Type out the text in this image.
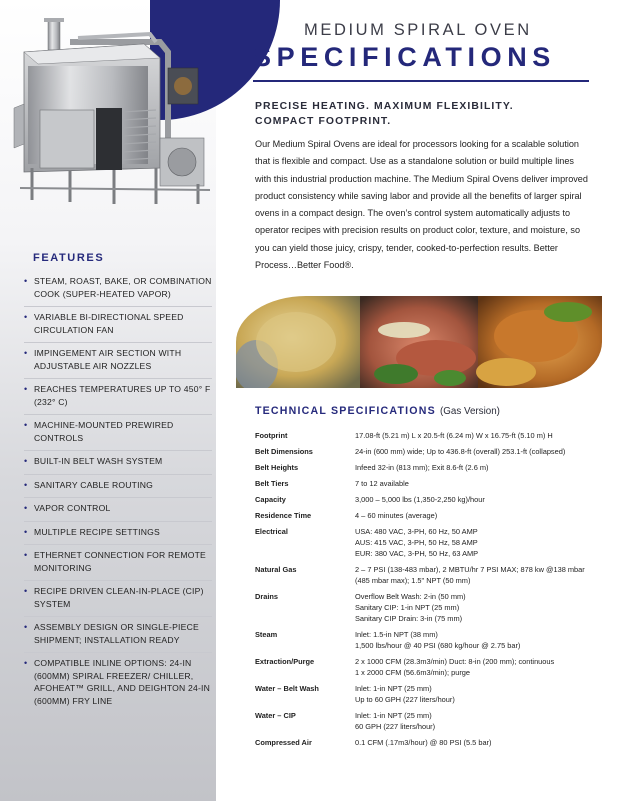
FEATURES
• STEAM, ROAST, BAKE, OR COMBINATION COOK (SUPER-HEATED VAPOR)
• VARIABLE BI-DIRECTIONAL SPEED CIRCULATION FAN
• IMPINGEMENT AIR SECTION WITH ADJUSTABLE AIR NOZZLES
• REACHES TEMPERATURES UP TO 450° F (232° C)
• MACHINE-MOUNTED PREWIRED CONTROLS
• BUILT-IN BELT WASH SYSTEM
• SANITARY CABLE ROUTING
• VAPOR CONTROL
• MULTIPLE RECIPE SETTINGS
• ETHERNET CONNECTION FOR REMOTE MONITORING
• RECIPE DRIVEN CLEAN-IN-PLACE (CIP) SYSTEM
• ASSEMBLY DESIGN OR SINGLE-PIECE SHIPMENT; INSTALLATION READY
• COMPATIBLE INLINE OPTIONS: 24-IN (600MM) SPIRAL FREEZER/ CHILLER, AFOHEAT™ GRILL, AND DEIGHTON 24-IN (600MM) FRY LINE
MEDIUM SPIRAL OVEN
SPECIFICATIONS
PRECISE HEATING. MAXIMUM FLEXIBILITY.
COMPACT FOOTPRINT.
Our Medium Spiral Ovens are ideal for processors looking for a scalable solution that is flexible and compact. Use as a standalone solution or build multiple lines with this industrial production machine. The Medium Spiral Ovens deliver improved product consistency while saving labor and provide all the benefits of larger spiral ovens in a compact design. The oven’s control system automatically adjusts to operator recipes with precision results on product color, texture, and moisture, so you can yield those juicy, crispy, tender, cooked-to-perfection results. Better Process…Better Food®.
TECHNICAL SPECIFICATIONS (Gas Version)
Footprint	17.08-ft (5.21 m) L x 20.5-ft (6.24 m) W x 16.75-ft (5.10 m) H

Belt Dimensions	24-in (600 mm) wide; Up to 436.8-ft (overall) 253.1-ft (collapsed)

Belt Heights	Infeed 32-in (813 mm); Exit 8.6-ft (2.6 m)

Belt Tiers	7 to 12 available

Capacity	3,000 – 5,000 lbs (1,350-2,250 kg)/hour

Residence Time	4 – 60 minutes (average)

Electrical	USA: 480 VAC, 3-PH, 60 Hz, 50 AMP
AUS: 415 VAC, 3-PH, 50 Hz, 58 AMP
EUR: 380 VAC, 3-PH, 50 Hz, 63 AMP

Natural Gas	2 – 7 PSI (138-483 mbar), 2 MBTU/hr 7 PSI MAX; 878 kw @138 mbar
(485 mbar max); 1.5" NPT (50 mm)

Drains	Overflow Belt Wash: 2-in (50 mm)
Sanitary CIP: 1-in NPT (25 mm)
Sanitary CIP Drain: 3-in (75 mm)

Steam	Inlet: 1.5-in NPT (38 mm)
1,500 lbs/hour @ 40 PSI (680 kg/hour @ 2.75 bar)

Extraction/Purge	2 x 1000 CFM (28.3m3/min) Duct: 8-in (200 mm); continuous
1 x 2000 CFM (56.6m3/min); purge

Water – Belt Wash	Inlet: 1-in NPT (25 mm)
Up to 60 GPH (227 liters/hour)

Water – CIP	Inlet: 1-in NPT (25 mm)
60 GPH (227 liters/hour)

Compressed Air	0.1 CFM (.17m3/hour) @ 80 PSI (5.5 bar)
